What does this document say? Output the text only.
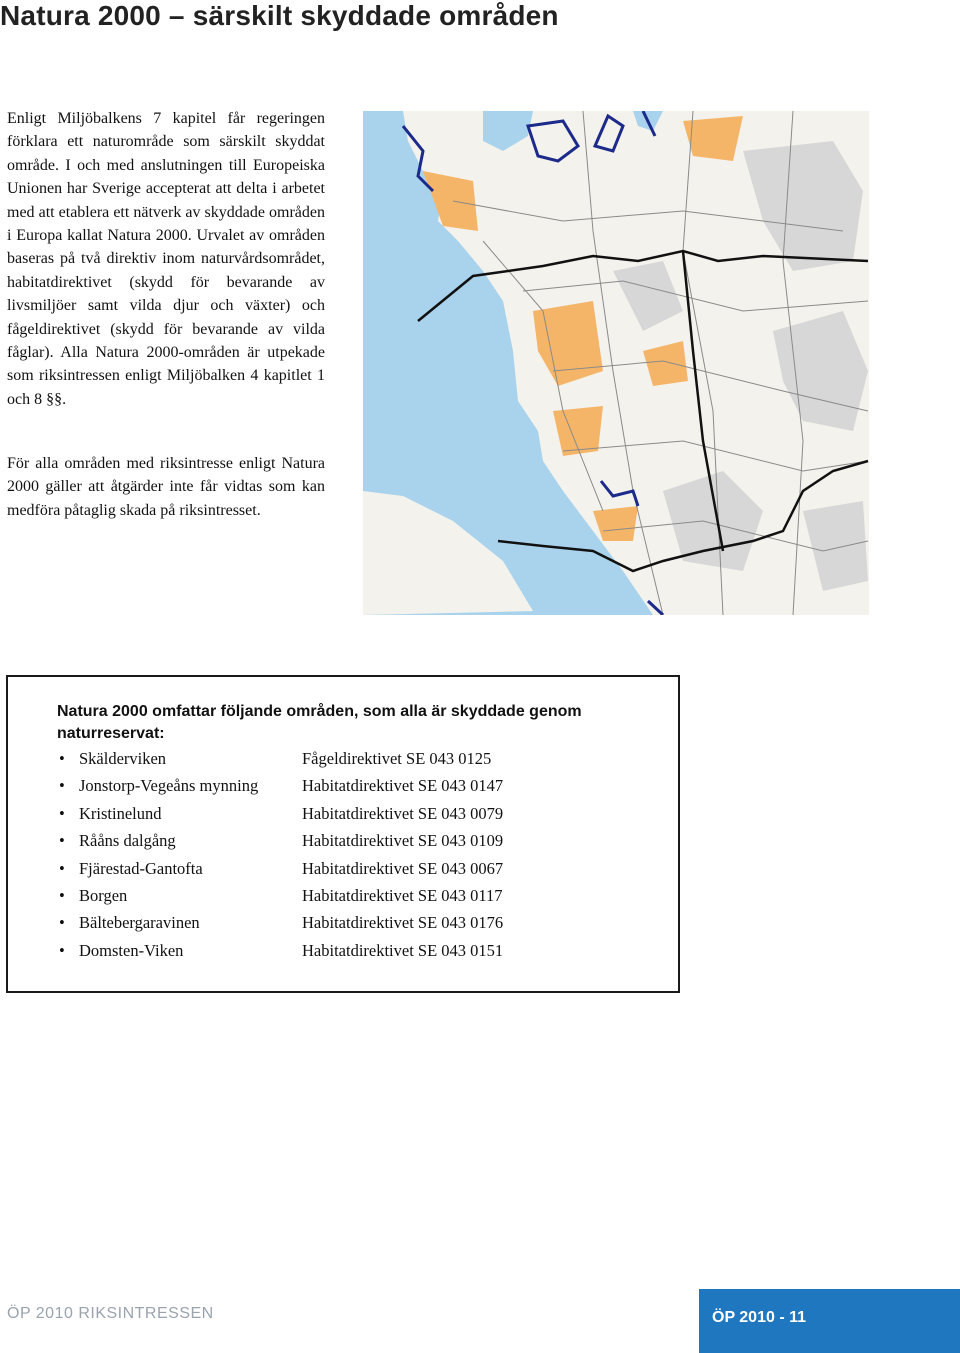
Natura 2000 – särskilt skyddade områden

Enligt Miljöbalkens 7 kapitel får regeringen förklara ett naturområde som särskilt skyddat område. I och med anslutningen till Europeiska Unionen har Sverige accepterat att delta i arbetet med att etablera ett nätverk av skyddade områden i Europa kallat Natura 2000. Urvalet av områden baseras på två direktiv inom naturvårdsområdet, habitatdirektivet (skydd för bevarande av livsmiljöer samt vilda djur och växter) och fågeldirektivet (skydd för bevarande av vilda fåglar). Alla Natura 2000-områden är utpekade som riksintressen enligt Miljöbalken 4 kapitlet 1 och 8 §§.

För alla områden med riksintresse enligt Natura 2000 gäller att åtgärder inte får vidtas som kan medföra påtaglig skada på riksintresset.

Natura 2000 omfattar följande områden, som alla är skyddade genom naturreservat:

• Skälderviken	Fågeldirektivet SE 043 0125
• Jonstorp-Vegeåns mynning	Habitatdirektivet SE 043 0147
• Kristinelund	Habitatdirektivet SE 043 0079
• Rååns dalgång	Habitatdirektivet SE 043 0109
• Fjärestad-Gantofta	Habitatdirektivet SE 043 0067
• Borgen	Habitatdirektivet SE 043 0117
• Bältebergaravinen	Habitatdirektivet SE 043 0176
• Domsten-Viken	Habitatdirektivet SE 043 0151
ÖP 2010 RIKSINTRESSEN	ÖP 2010 - 11
